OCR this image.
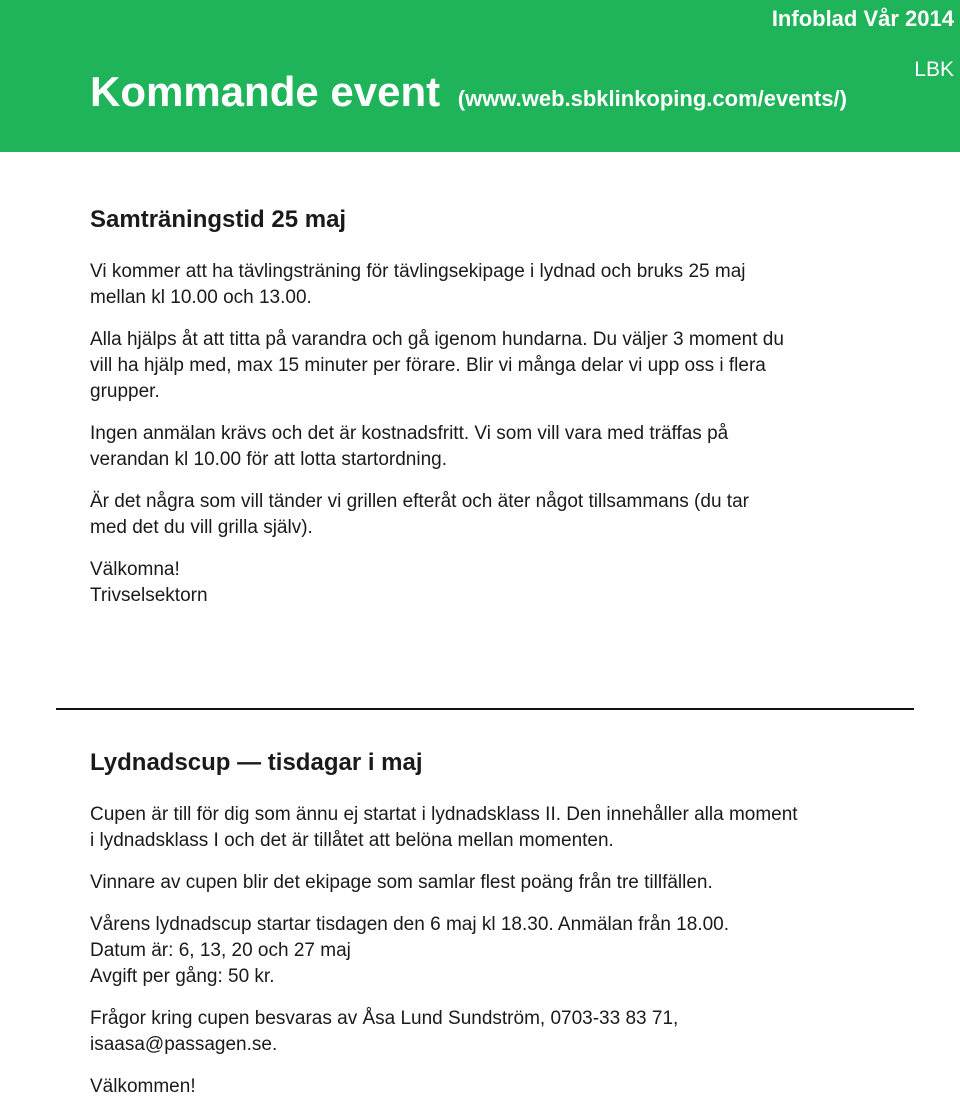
Infoblad Vår 2014
LBK
Kommande event (www.web.sbklinkoping.com/events/)
Samträningstid 25 maj
Vi kommer att ha tävlingsträning för tävlingsekipage i lydnad och bruks 25 maj
mellan kl 10.00 och 13.00.
Alla hjälps åt att titta på varandra och gå igenom hundarna. Du väljer 3 moment du
vill ha hjälp med, max 15 minuter per förare. Blir vi många delar vi upp oss i flera
grupper.
Ingen anmälan krävs och det är kostnadsfritt. Vi som vill vara med träffas på
verandan kl 10.00 för att lotta startordning.
Är det några som vill tänder vi grillen efteråt och äter något tillsammans (du tar
med det du vill grilla själv).
Välkomna!
Trivselsektorn
Lydnadscup — tisdagar i maj
Cupen är till för dig som ännu ej startat i lydnadsklass II. Den innehåller alla moment
i lydnadsklass I och det är tillåtet att belöna mellan momenten.
Vinnare av cupen blir det ekipage som samlar flest poäng från tre tillfällen.
Vårens lydnadscup startar tisdagen den 6 maj kl 18.30. Anmälan från 18.00.
Datum är: 6, 13, 20 och 27 maj
Avgift per gång: 50 kr.
Frågor kring cupen besvaras av Åsa Lund Sundström, 0703-33 83 71,
isaasa@passagen.se.
Välkommen!
